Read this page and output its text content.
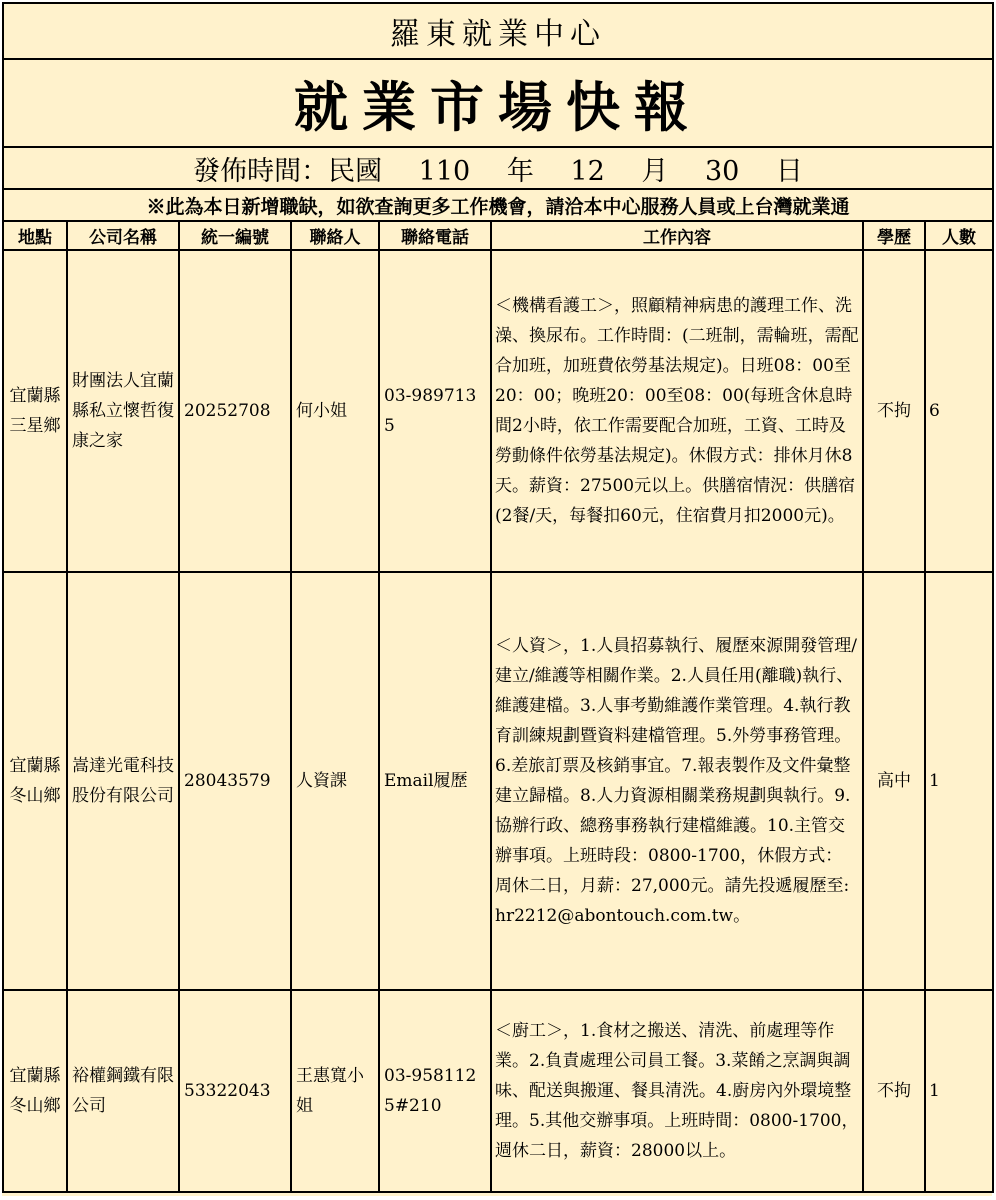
羅東就業中心							
就業市場快報							
發佈時間：民國 110 年 12 月 30 日							
※此為本日新增職缺，如欲查詢更多工作機會，請洽本中心服務人員或上台灣就業通							
地點	公司名稱	統一編號	聯絡人	聯絡電話	工作內容	學歷	人數
宜蘭縣三星鄉	財團法人宜蘭縣私立懷哲復康之家	20252708	何小姐	03-9897135	＜機構看護工＞，照顧精神病患的護理工作、洗澡、換尿布。工作時間：(二班制，需輪班，需配合加班，加班費依勞基法規定)。日班08：00至20：00；晚班20：00至08：00(每班含休息時間2小時，依工作需要配合加班，工資、工時及勞動條件依勞基法規定)。休假方式：排休月休8天。薪資：27500元以上。供膳宿情況：供膳宿(2餐/天，每餐扣60元，住宿費月扣2000元)。	不拘	6
宜蘭縣冬山鄉	嵩達光電科技股份有限公司	28043579	人資課	Email履歷	＜人資＞，1.人員招募執行、履歷來源開發管理/建立/維護等相關作業。2.人員任用(離職)執行、維護建檔。3.人事考勤維護作業管理。4.執行教育訓練規劃暨資料建檔管理。5.外勞事務管理。6.差旅訂票及核銷事宜。7.報表製作及文件彙整建立歸檔。8.人力資源相關業務規劃與執行。9.協辦行政、總務事務執行建檔維護。10.主管交辦事項。上班時段：0800-1700，休假方式：周休二日，月薪：27,000元。請先投遞履歷至:hr2212@abontouch.com.tw。	高中	1
宜蘭縣冬山鄉	裕權鋼鐵有限公司	53322043	王惠寬小姐	03-9581125#210	＜廚工＞，1.食材之搬送、清洗、前處理等作業。2.負責處理公司員工餐。3.菜餚之烹調與調味、配送與搬運、餐具清洗。4.廚房內外環境整理。5.其他交辦事項。上班時間：0800-1700，週休二日，薪資：28000以上。	不拘	1
